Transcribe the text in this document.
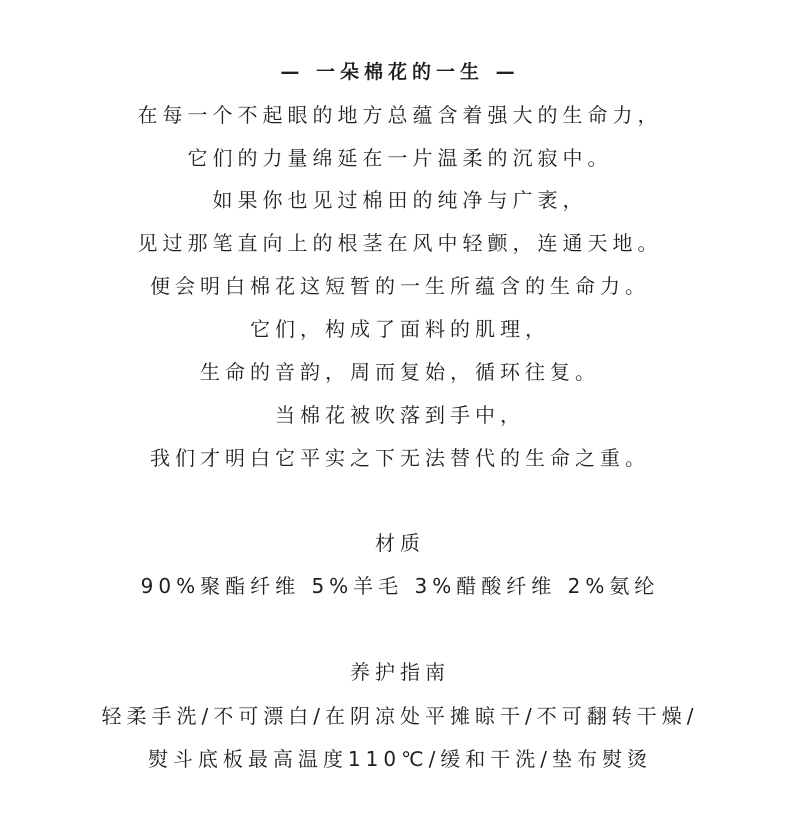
— 一朵棉花的一生 —
在每一个不起眼的地方总蕴含着强大的生命力，
它们的力量绵延在一片温柔的沉寂中。
如果你也见过棉田的纯净与广袤，
见过那笔直向上的根茎在风中轻颤，连通天地。
便会明白棉花这短暂的一生所蕴含的生命力。
它们，构成了面料的肌理，
生命的音韵，周而复始，循环往复。
当棉花被吹落到手中，
我们才明白它平实之下无法替代的生命之重。
材质
90%聚酯纤维 5%羊毛 3%醋酸纤维 2%氨纶
养护指南
轻柔手洗/不可漂白/在阴凉处平摊晾干/不可翻转干燥/
熨斗底板最高温度110℃/缓和干洗/垫布熨烫
